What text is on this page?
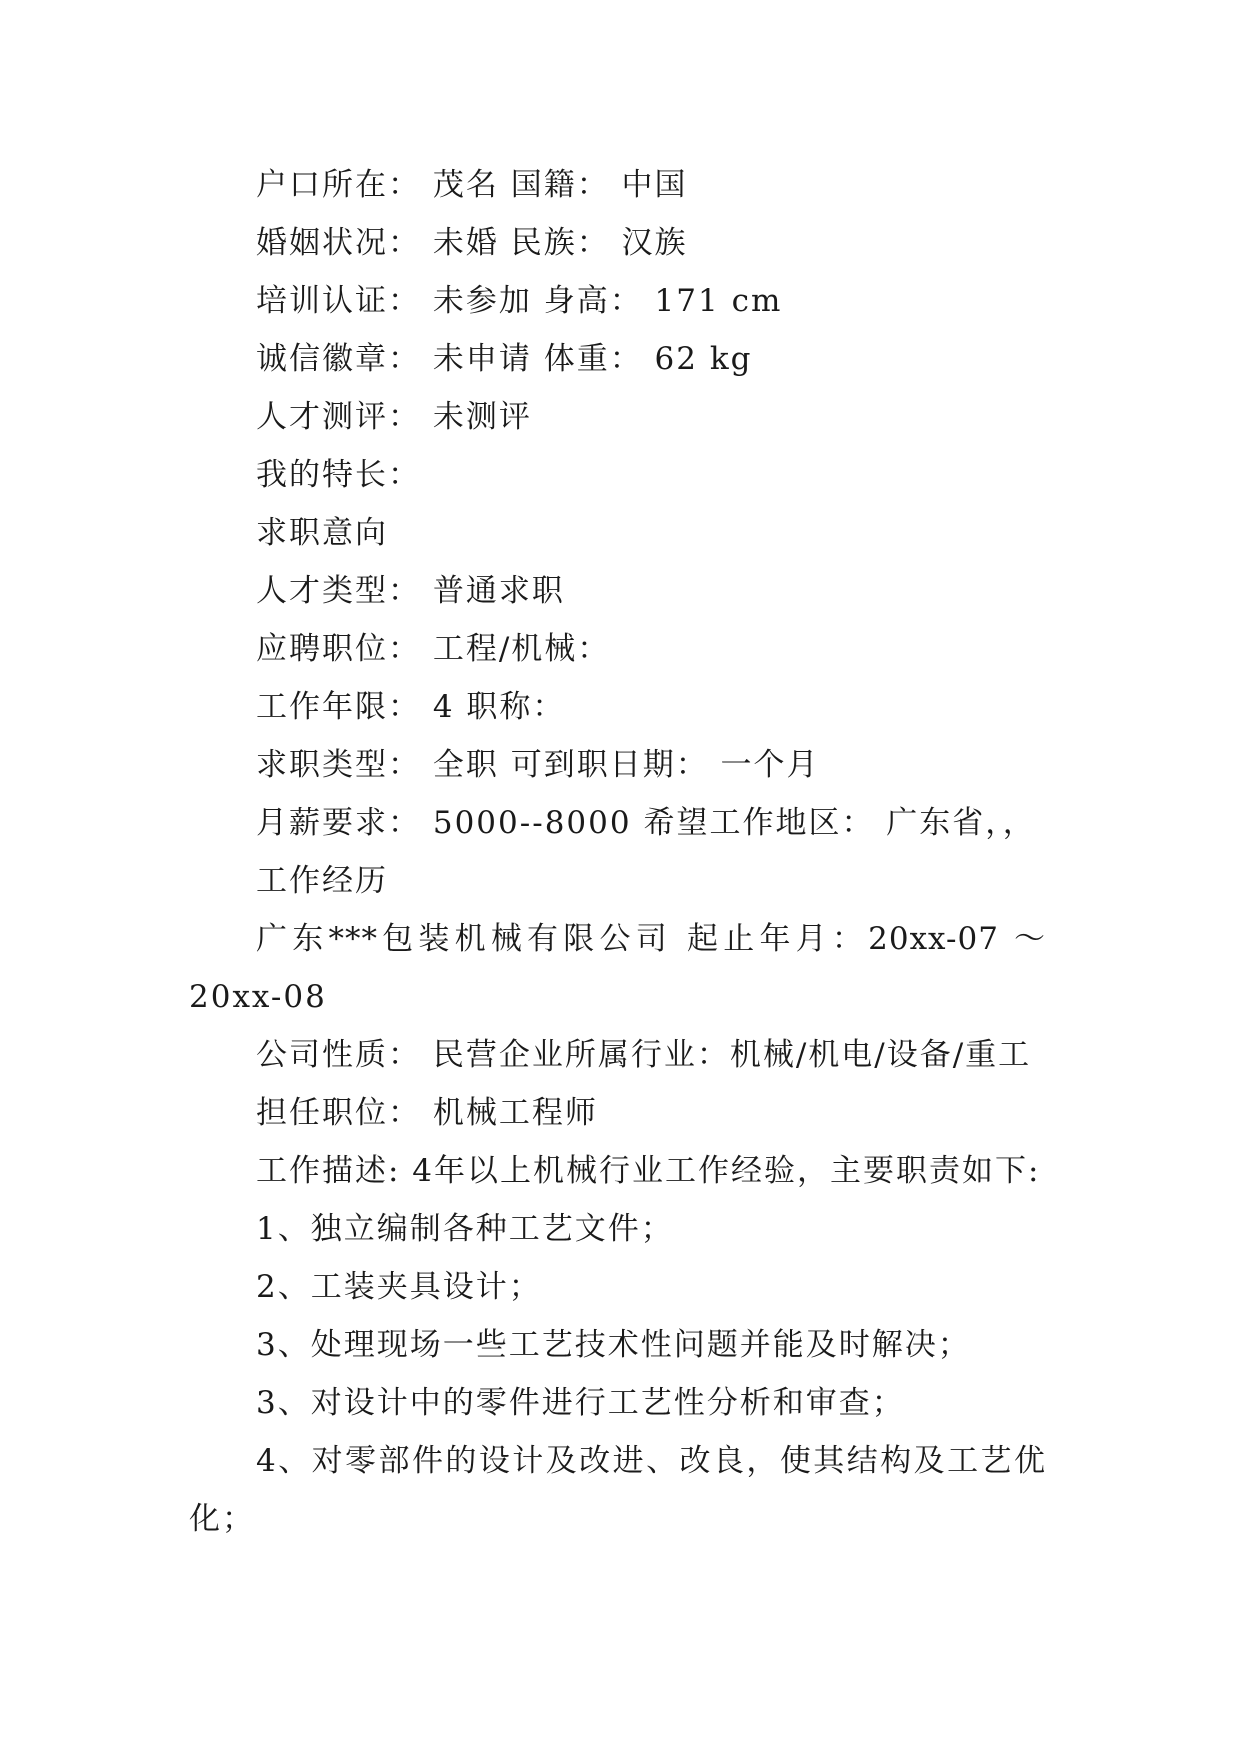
户口所在： 茂名 国籍： 中国
婚姻状况： 未婚 民族： 汉族
培训认证： 未参加 身高： 171 cm
诚信徽章： 未申请 体重： 62 kg
人才测评： 未测评
我的特长：
求职意向
人才类型： 普通求职
应聘职位： 工程/机械：
工作年限： 4 职称：
求职类型： 全职 可到职日期： 一个月
月薪要求： 5000--8000 希望工作地区： 广东省，，
工作经历
广东***包装机械有限公司 起止年月：20xx-07 ～
20xx-08
公司性质： 民营企业所属行业：机械/机电/设备/重工
担任职位： 机械工程师
工作描述: 4年以上机械行业工作经验，主要职责如下:
1、独立编制各种工艺文件；
2、工装夹具设计；
3、处理现场一些工艺技术性问题并能及时解决；
3、对设计中的零件进行工艺性分析和审查；
4、对零部件的设计及改进、改良，使其结构及工艺优
化；
